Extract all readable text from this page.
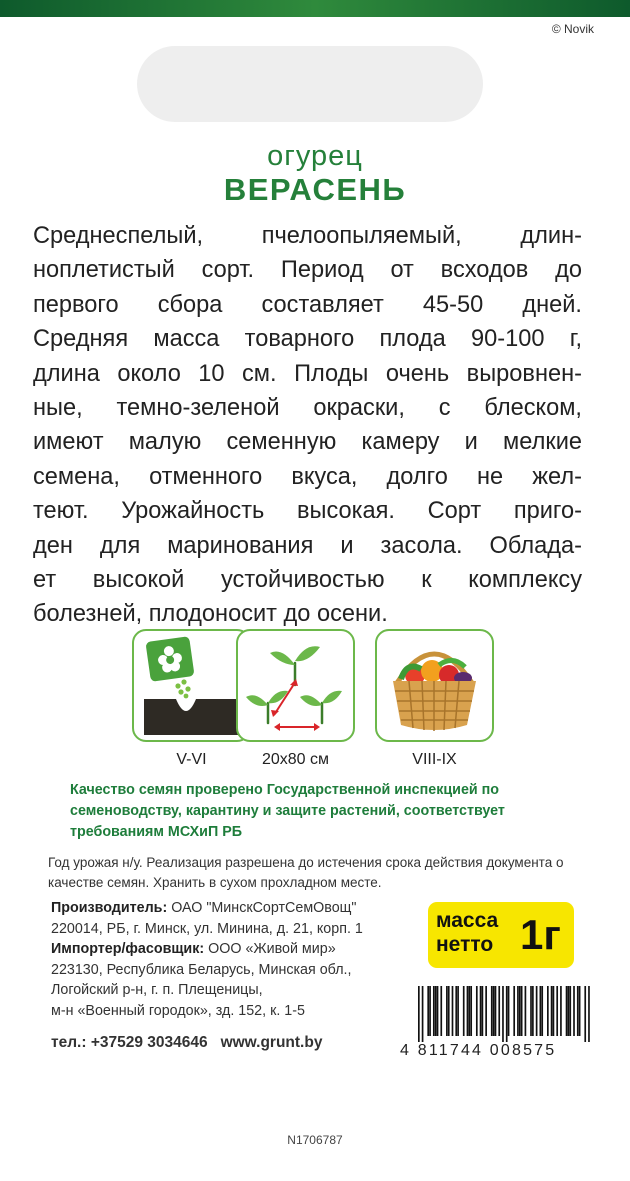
© Novik
огурец
ВЕРАСЕНЬ
Среднеспелый, пчелоопыляемый, длин-
ноплетистый сорт. Период от всходов до
первого сбора составляет 45-50 дней.
Средняя масса товарного плода 90-100 г,
длина около 10 см. Плоды очень выровнен-
ные, темно-зеленой окраски, с блеском,
имеют малую семенную камеру и мелкие
семена, отменного вкуса, долго не жел-
теют. Урожайность высокая. Сорт приго-
ден для маринования и засола. Облада-
ет высокой устойчивостью к комплексу
болезней, плодоносит до осени.
V-VI	20x80 см	VIII-IX
Качество семян проверено Государственной инспекцией по семеноводству, карантину и защите растений, соответствует требованиям МСХиП РБ
Год урожая н/у. Реализация разрешена до истечения срока действия документа о качестве семян. Хранить в сухом прохладном месте.
Производитель: ОАО "МинскСортСемОвощ"
220014, РБ, г. Минск, ул. Минина, д. 21, корп. 1
Импортер/фасовщик: ООО «Живой мир»
223130, Республика Беларусь, Минская обл.,
Логойский р-н, г. п. Плещеницы,
м-н «Военный городок», зд. 152, к. 1-5
тел.: +37529 3034646 www.grunt.by
масса
нетто 1г
4 811744 008575
N1706787
